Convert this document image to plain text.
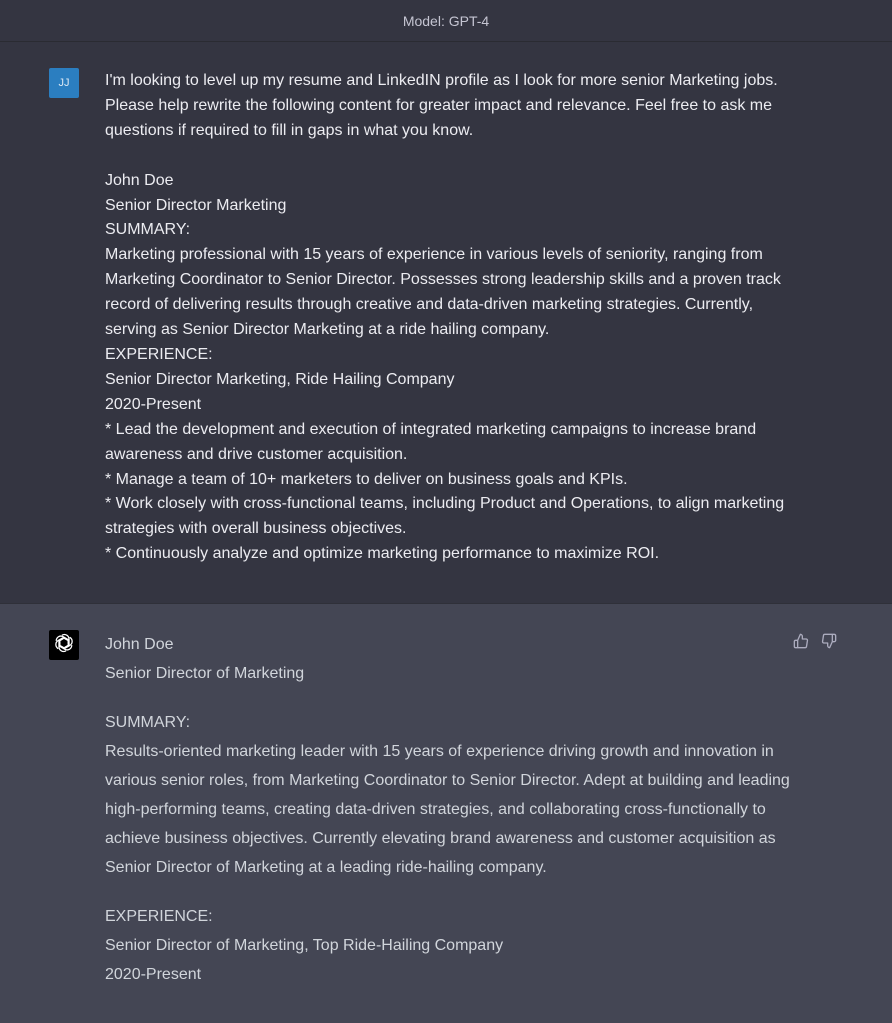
Model: GPT-4
JJ I'm looking to level up my resume and LinkedIN profile as I look for more senior Marketing jobs. Please help rewrite the following content for greater impact and relevance. Feel free to ask me questions if required to fill in gaps in what you know.

John Doe
Senior Director Marketing
SUMMARY:
Marketing professional with 15 years of experience in various levels of seniority, ranging from Marketing Coordinator to Senior Director. Possesses strong leadership skills and a proven track record of delivering results through creative and data-driven marketing strategies. Currently, serving as Senior Director Marketing at a ride hailing company.
EXPERIENCE:
Senior Director Marketing, Ride Hailing Company
2020-Present
* Lead the development and execution of integrated marketing campaigns to increase brand awareness and drive customer acquisition.
* Manage a team of 10+ marketers to deliver on business goals and KPIs.
* Work closely with cross-functional teams, including Product and Operations, to align marketing strategies with overall business objectives.
* Continuously analyze and optimize marketing performance to maximize ROI.

John Doe

Senior Director of Marketing

SUMMARY:

Results-oriented marketing leader with 15 years of experience driving growth and innovation in various senior roles, from Marketing Coordinator to Senior Director. Adept at building and leading high-performing teams, creating data-driven strategies, and collaborating cross-functionally to achieve business objectives. Currently elevating brand awareness and customer acquisition as Senior Director of Marketing at a leading ride-hailing company.

EXPERIENCE:

Senior Director of Marketing, Top Ride-Hailing Company

2020-Present
